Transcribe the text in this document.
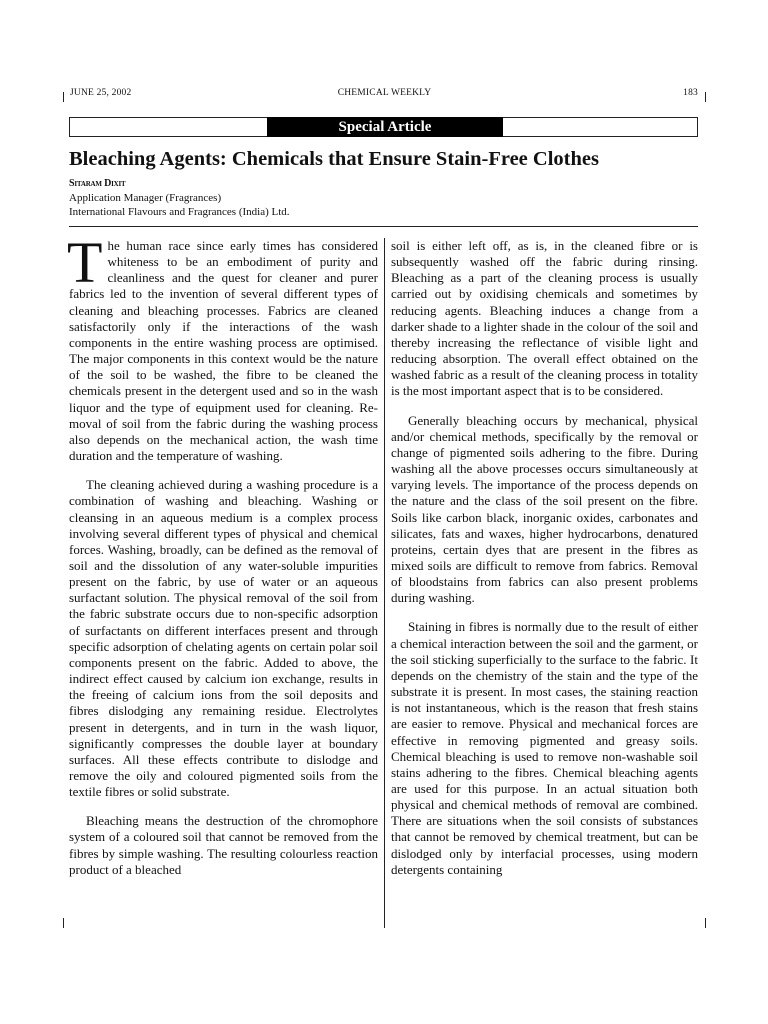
JUNE 25, 2002	CHEMICAL WEEKLY	183
Special Article
Bleaching Agents: Chemicals that Ensure Stain-Free Clothes
Sitaram Dixit
Application Manager (Fragrances)
International Flavours and Fragrances (India) Ltd.

The human race since early times has considered whiteness to be an embodiment of purity and cleanliness and the quest for cleaner and purer fabrics led to the invention of several different types of cleaning and bleaching processes. Fabrics are cleaned satisfactorily only if the interactions of the wash components in the entire washing process are optimised. The major components in this context would be the nature of the soil to be washed, the fibre to be cleaned the chemicals present in the detergent used and so in the wash liquor and the type of equipment used for cleaning. Re-moval of soil from the fabric during the washing process also depends on the mechanical action, the wash time duration and the temperature of washing.

The cleaning achieved during a washing procedure is a combination of washing and bleaching. Washing or cleansing in an aqueous medium is a complex process involving several different types of physical and chemical forces. Washing, broadly, can be defined as the removal of soil and the dissolution of any water-soluble impurities present on the fabric, by use of water or an aqueous surfactant solution. The physical removal of the soil from the fabric substrate occurs due to non-specific adsorption of surfactants on different interfaces present and through specific adsorption of chelating agents on certain polar soil components present on the fabric. Added to above, the indirect effect caused by calcium ion exchange, results in the freeing of calcium ions from the soil deposits and fibres dislodging any remaining residue. Electrolytes present in detergents, and in turn in the wash liquor, significantly compresses the double layer at boundary surfaces. All these effects contribute to dislodge and remove the oily and coloured pigmented soils from the textile fibres or solid substrate.

Bleaching means the destruction of the chromophore system of a coloured soil that cannot be removed from the fibres by simple washing. The resulting colourless reaction product of a bleached

soil is either left off, as is, in the cleaned fibre or is subsequently washed off the fabric during rinsing. Bleaching as a part of the cleaning process is usually carried out by oxidising chemicals and sometimes by reducing agents. Bleaching induces a change from a darker shade to a lighter shade in the colour of the soil and thereby increasing the reflectance of visible light and reducing absorption. The overall effect obtained on the washed fabric as a result of the cleaning process in totality is the most important aspect that is to be considered.

Generally bleaching occurs by mechanical, physical and/or chemical methods, specifically by the removal or change of pigmented soils adhering to the fibre. During washing all the above processes occurs simultaneously at varying levels. The importance of the process depends on the nature and the class of the soil present on the fibre. Soils like carbon black, inorganic oxides, carbonates and silicates, fats and waxes, higher hydrocarbons, denatured proteins, certain dyes that are present in the fibres as mixed soils are difficult to remove from fabrics. Removal of bloodstains from fabrics can also present problems during washing.

Staining in fibres is normally due to the result of either a chemical interaction between the soil and the garment, or the soil sticking superficially to the surface to the fabric. It depends on the chemistry of the stain and the type of the substrate it is present. In most cases, the staining reaction is not instantaneous, which is the reason that fresh stains are easier to remove. Physical and mechanical forces are effective in removing pigmented and greasy soils. Chemical bleaching is used to remove non-washable soil stains adhering to the fibres. Chemical bleaching agents are used for this purpose. In an actual situation both physical and chemical methods of removal are combined. There are situations when the soil consists of substances that cannot be removed by chemical treatment, but can be dislodged only by interfacial processes, using modern detergents containing
